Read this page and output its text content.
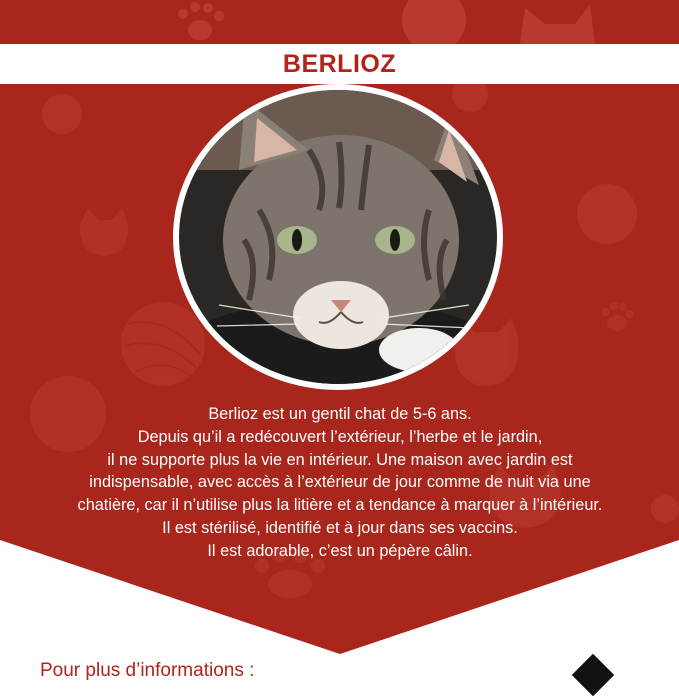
BERLIOZ
Berlioz est un gentil chat de 5-6 ans.
Depuis qu’il a redécouvert l’extérieur, l’herbe et le jardin,
il ne supporte plus la vie en intérieur. Une maison avec jardin est
indispensable, avec accès à l’extérieur de jour comme de nuit via une
chatière, car il n’utilise plus la litière et a tendance à marquer à l’intérieur.
Il est stérilisé, identifié et à jour dans ses vaccins.
Il est adorable, c’est un pépère câlin.
Pour plus d’informations :
